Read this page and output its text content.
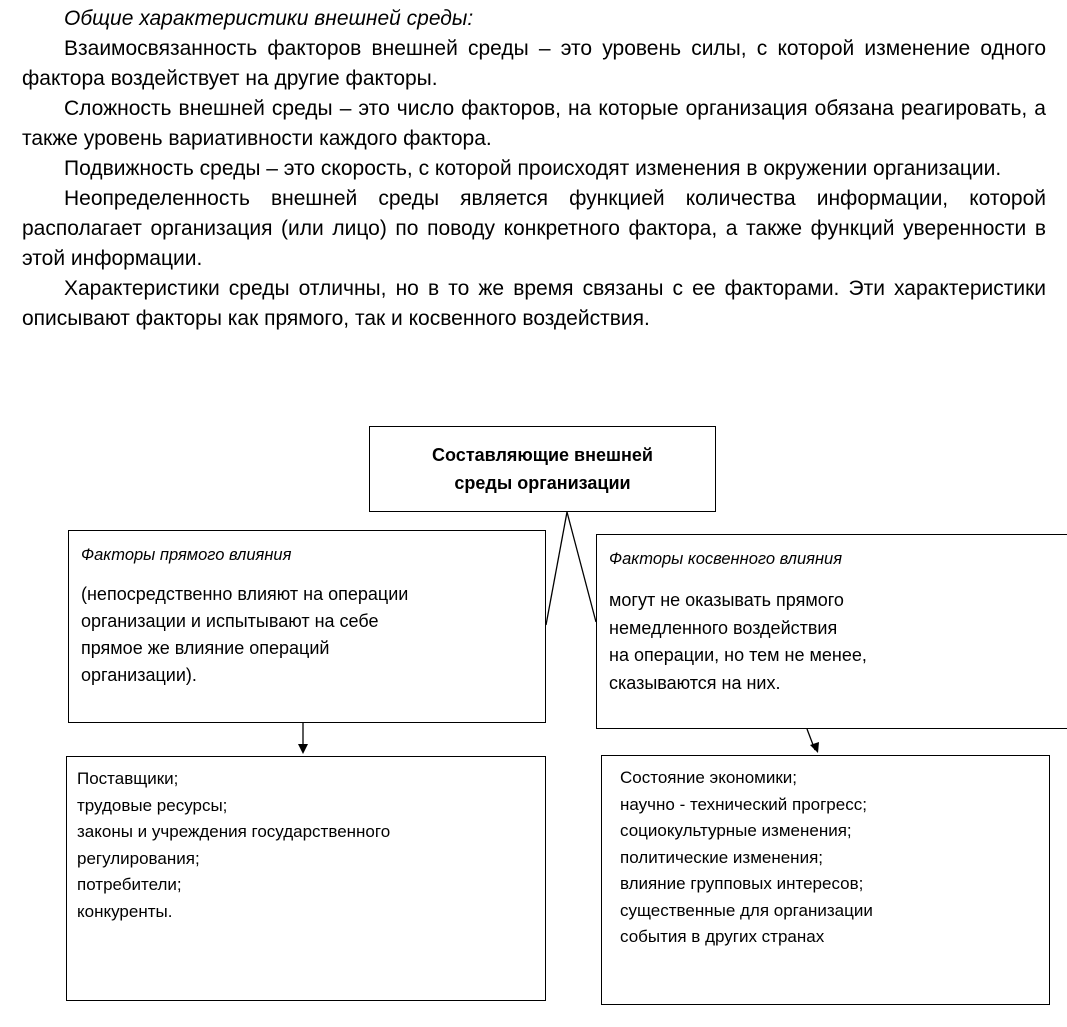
Общие характеристики внешней среды:

Взаимосвязанность факторов внешней среды – это уровень силы, с которой изменение одного фактора воздействует на другие факторы.

Сложность внешней среды – это число факторов, на которые организация обязана реагировать, а также уровень вариативности каждого фактора.

Подвижность среды – это скорость, с которой происходят изменения в окружении организации.

Неопределенность внешней среды является функцией количества информации, которой располагает организация (или лицо) по поводу конкретного фактора, а также функций уверенности в этой информации.

Характеристики среды отличны, но в то же время связаны с ее факторами. Эти характеристики описывают факторы как прямого, так и косвенного воздействия.

Составляющие внешней
среды организации
Факторы прямого влияния
(непосредственно влияют на операции
организации и испытывают на себе
прямое же влияние операций
организации).
Факторы косвенного влияния
могут не оказывать прямого
немедленного воздействия
на операции, но тем не менее,
сказываются на них.
Поставщики;
трудовые ресурсы;
законы и учреждения государственного
регулирования;
потребители;
конкуренты.
Состояние экономики;
научно - технический прогресс;
социокультурные изменения;
политические изменения;
влияние групповых интересов;
существенные для организации
события в других странах
